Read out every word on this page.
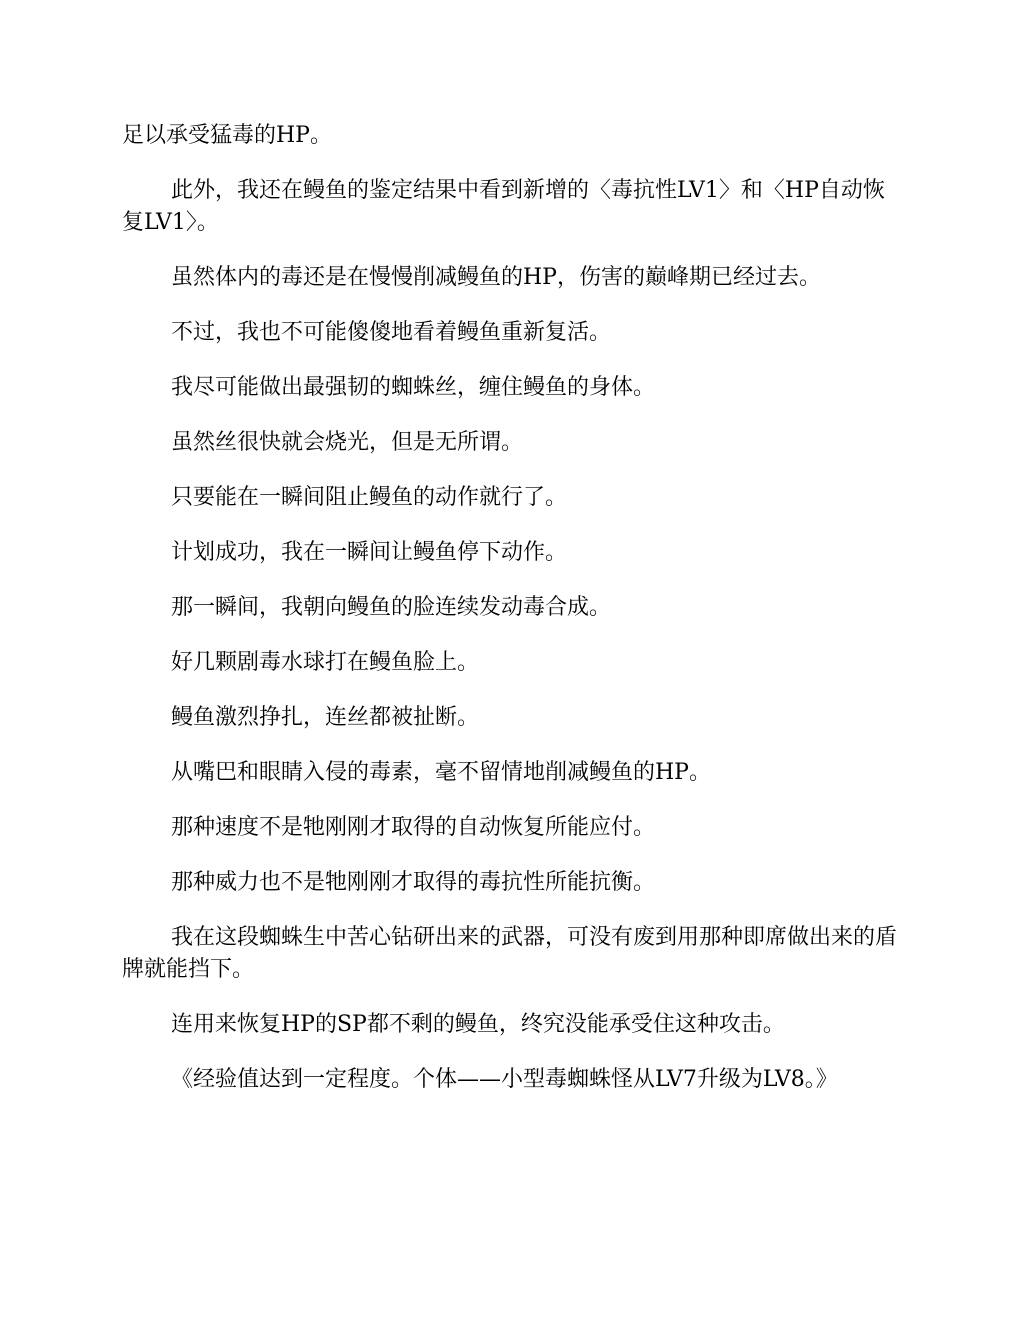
足以承受猛毒的HP。

此外，我还在鳗鱼的鉴定结果中看到新增的〈毒抗性LV1〉和〈HP自动恢复LV1〉。

虽然体内的毒还是在慢慢削减鳗鱼的HP，伤害的巅峰期已经过去。

不过，我也不可能傻傻地看着鳗鱼重新复活。

我尽可能做出最强韧的蜘蛛丝，缠住鳗鱼的身体。

虽然丝很快就会烧光，但是无所谓。

只要能在一瞬间阻止鳗鱼的动作就行了。

计划成功，我在一瞬间让鳗鱼停下动作。

那一瞬间，我朝向鳗鱼的脸连续发动毒合成。

好几颗剧毒水球打在鳗鱼脸上。

鳗鱼激烈挣扎，连丝都被扯断。

从嘴巴和眼睛入侵的毒素，毫不留情地削减鳗鱼的HP。

那种速度不是牠刚刚才取得的自动恢复所能应付。

那种威力也不是牠刚刚才取得的毒抗性所能抗衡。

我在这段蜘蛛生中苦心钻研出来的武器，可没有废到用那种即席做出来的盾牌就能挡下。

连用来恢复HP的SP都不剩的鳗鱼，终究没能承受住这种攻击。

《经验值达到一定程度。个体——小型毒蜘蛛怪从LV7升级为LV8。》
